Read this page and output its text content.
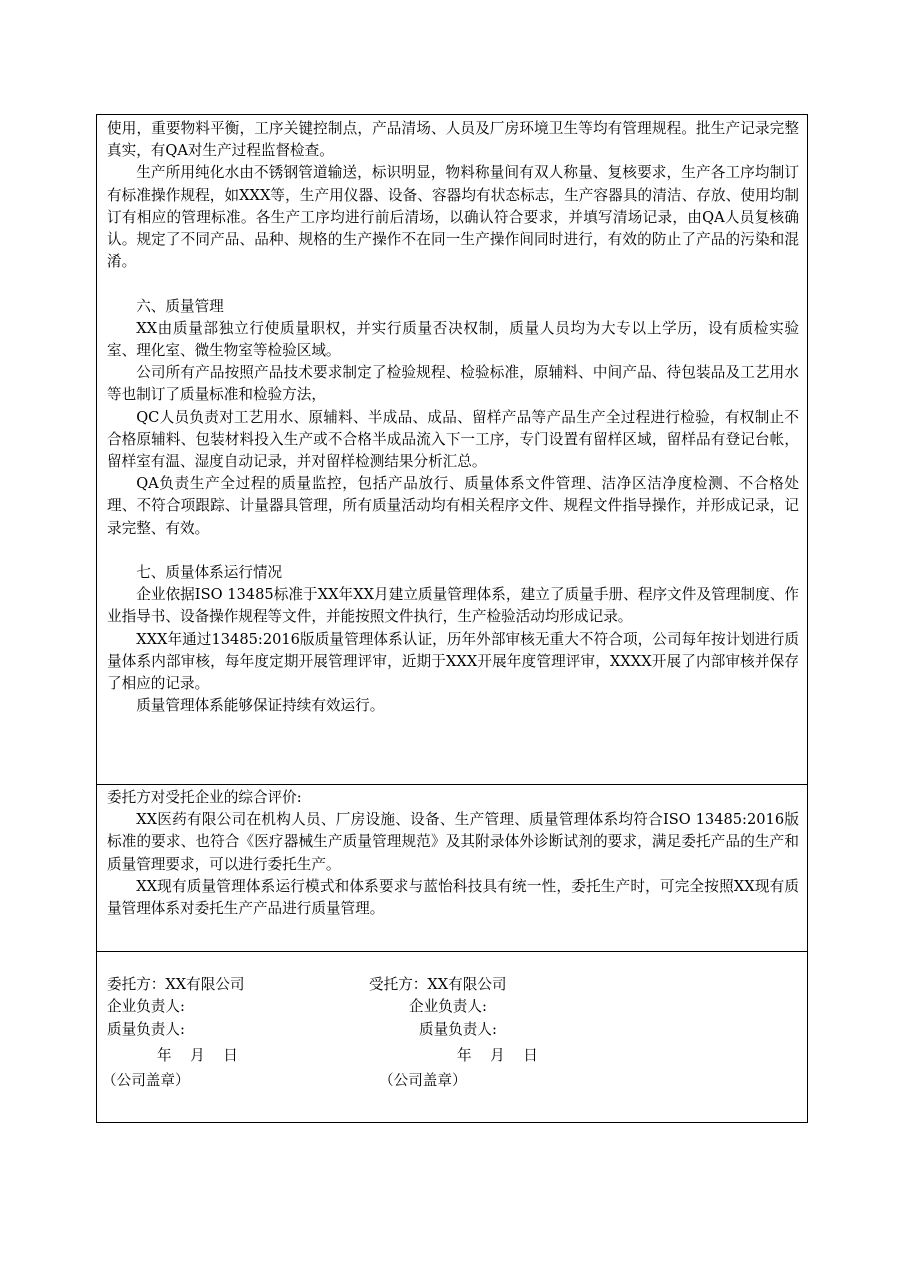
使用，重要物料平衡，工序关键控制点，产品清场、人员及厂房环境卫生等均有管理规程。批生产记录完整真实，有QA对生产过程监督检查。

生产所用纯化水由不锈钢管道输送，标识明显，物料称量间有双人称量、复核要求，生产各工序均制订有标准操作规程，如XXX等，生产用仪器、设备、容器均有状态标志，生产容器具的清洁、存放、使用均制订有相应的管理标准。各生产工序均进行前后清场，以确认符合要求，并填写清场记录，由QA人员复核确认。规定了不同产品、品种、规格的生产操作不在同一生产操作间同时进行，有效的防止了产品的污染和混淆。

六、质量管理

XX由质量部独立行使质量职权，并实行质量否决权制，质量人员均为大专以上学历，设有质检实验室、理化室、微生物室等检验区域。

公司所有产品按照产品技术要求制定了检验规程、检验标准，原辅料、中间产品、待包装品及工艺用水等也制订了质量标准和检验方法，

QC人员负责对工艺用水、原辅料、半成品、成品、留样产品等产品生产全过程进行检验，有权制止不合格原辅料、包装材料投入生产或不合格半成品流入下一工序，专门设置有留样区域，留样品有登记台帐，留样室有温、湿度自动记录，并对留样检测结果分析汇总。

QA负责生产全过程的质量监控，包括产品放行、质量体系文件管理、洁净区洁净度检测、不合格处理、不符合项跟踪、计量器具管理，所有质量活动均有相关程序文件、规程文件指导操作，并形成记录，记录完整、有效。

七、质量体系运行情况

企业依据ISO 13485标准于XX年XX月建立质量管理体系，建立了质量手册、程序文件及管理制度、作业指导书、设备操作规程等文件，并能按照文件执行，生产检验活动均形成记录。

XXX年通过13485:2016版质量管理体系认证，历年外部审核无重大不符合项，公司每年按计划进行质量体系内部审核，每年度定期开展管理评审，近期于XXX开展年度管理评审，XXXX开展了内部审核并保存了相应的记录。

质量管理体系能够保证持续有效运行。

委托方对受托企业的综合评价:

XX医药有限公司在机构人员、厂房设施、设备、生产管理、质量管理体系均符合ISO 13485:2016版标准的要求、也符合《医疗器械生产质量管理规范》及其附录体外诊断试剂的要求，满足委托产品的生产和质量管理要求，可以进行委托生产。

XX现有质量管理体系运行模式和体系要求与蓝怡科技具有统一性，委托生产时，可完全按照XX现有质量管理体系对委托生产产品进行质量管理。

委托方：XX有限公司
企业负责人:
质量负责人:
年    月    日
（公司盖章）
受托方：XX有限公司
企业负责人:
质量负责人:
年    月    日
（公司盖章）
